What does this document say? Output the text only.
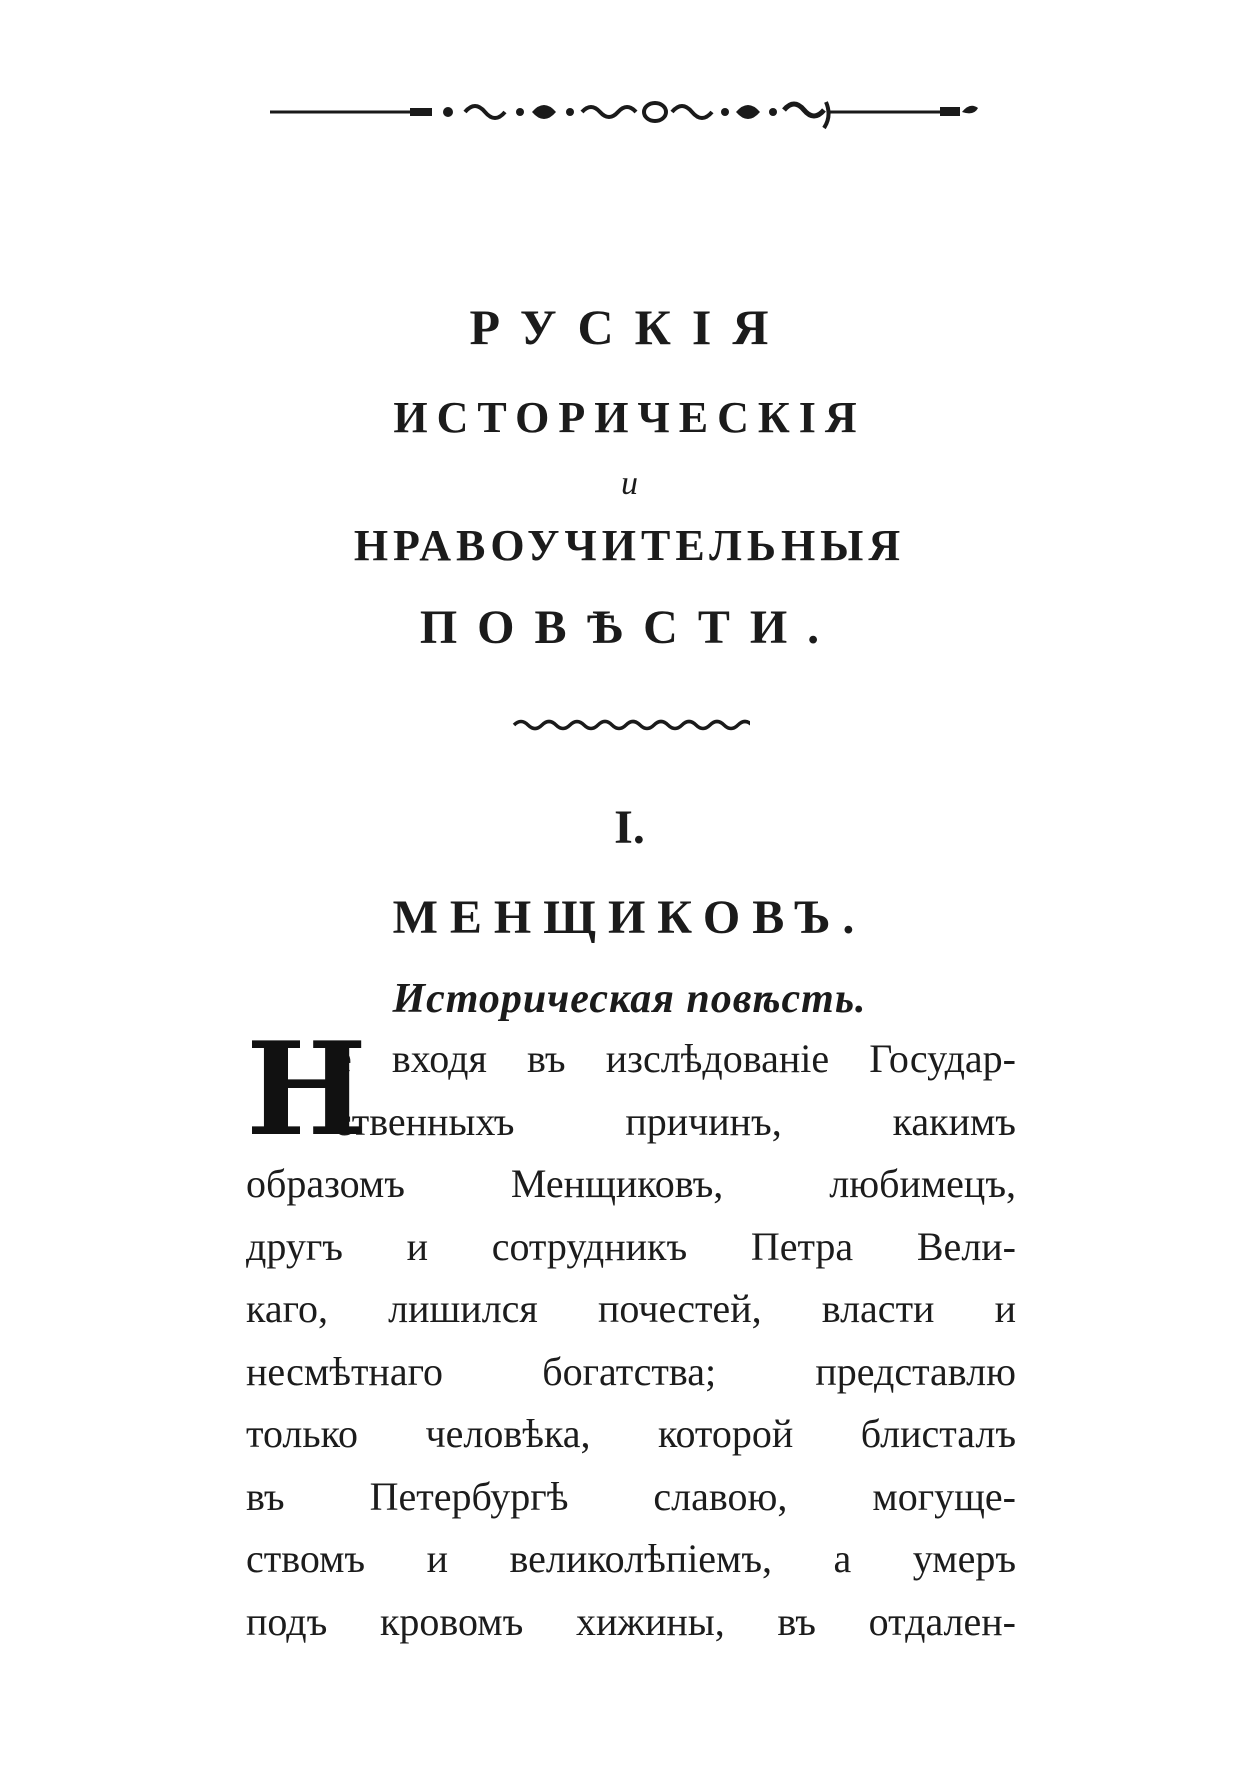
РУСКІЯ
ИСТОРИЧЕСКІЯ
и
НРАВОУЧИТЕЛЬНЫЯ
ПОВѢСТИ.
I.
МЕНЩИКОВЪ.
Историческая повѣсть.
Н
е входя въ изслѣдованіе Государ-
ственныхъ причинъ, какимъ
образомъ Менщиковъ, любимецъ,
другъ и сотрудникъ Петра Вели-
каго, лишился почестей, власти и
несмѣтнаго богатства; представлю
только человѣка, которой блисталъ
въ Петербургѣ славою, могуще-
ствомъ и великолѣпіемъ, а умеръ
подъ кровомъ хижины, въ отдален-
